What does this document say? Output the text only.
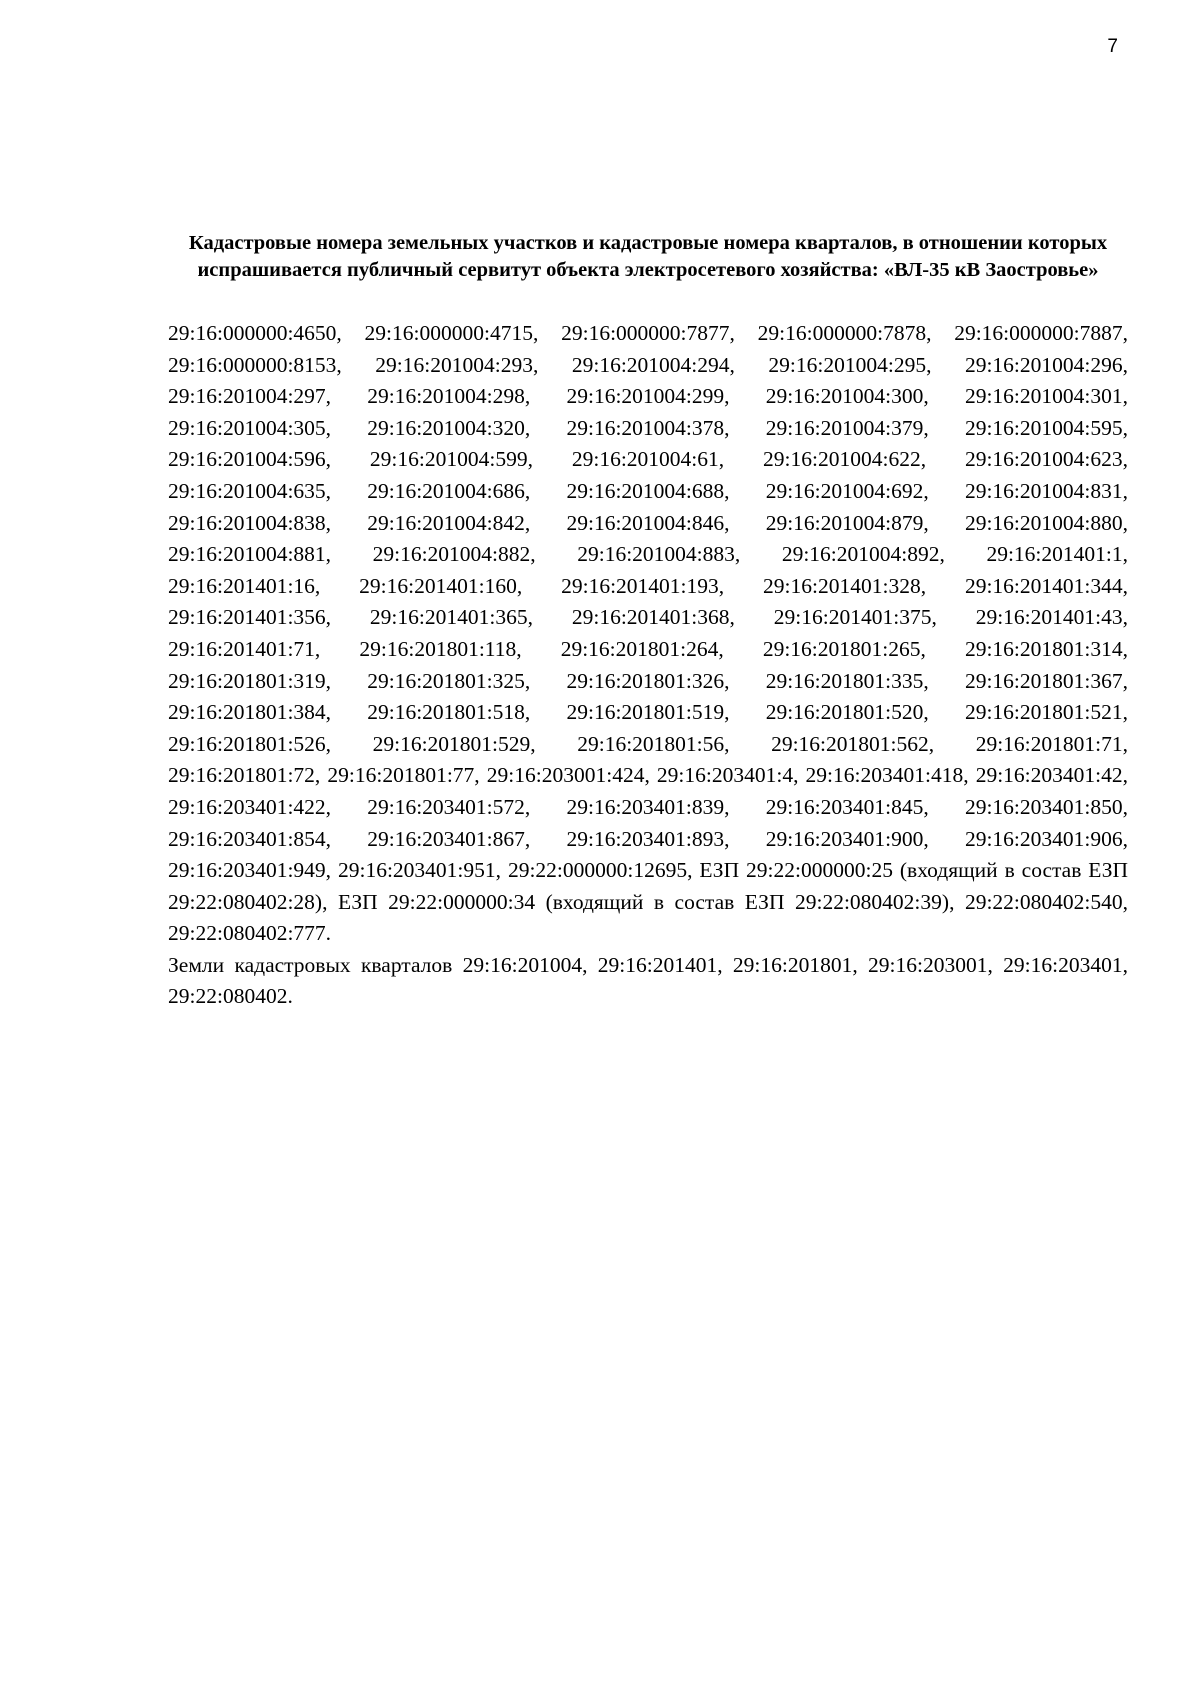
7
Кадастровые номера земельных участков и кадастровые номера кварталов, в отношении которых испрашивается публичный сервитут объекта электросетевого хозяйства: «ВЛ-35 кВ Заостровье»

29:16:000000:4650, 29:16:000000:4715, 29:16:000000:7877, 29:16:000000:7878, 29:16:000000:7887, 29:16:000000:8153, 29:16:201004:293, 29:16:201004:294, 29:16:201004:295, 29:16:201004:296, 29:16:201004:297, 29:16:201004:298, 29:16:201004:299, 29:16:201004:300, 29:16:201004:301, 29:16:201004:305, 29:16:201004:320, 29:16:201004:378, 29:16:201004:379, 29:16:201004:595, 29:16:201004:596, 29:16:201004:599, 29:16:201004:61, 29:16:201004:622, 29:16:201004:623, 29:16:201004:635, 29:16:201004:686, 29:16:201004:688, 29:16:201004:692, 29:16:201004:831, 29:16:201004:838, 29:16:201004:842, 29:16:201004:846, 29:16:201004:879, 29:16:201004:880, 29:16:201004:881, 29:16:201004:882, 29:16:201004:883, 29:16:201004:892, 29:16:201401:1, 29:16:201401:16, 29:16:201401:160, 29:16:201401:193, 29:16:201401:328, 29:16:201401:344, 29:16:201401:356, 29:16:201401:365, 29:16:201401:368, 29:16:201401:375, 29:16:201401:43, 29:16:201401:71, 29:16:201801:118, 29:16:201801:264, 29:16:201801:265, 29:16:201801:314, 29:16:201801:319, 29:16:201801:325, 29:16:201801:326, 29:16:201801:335, 29:16:201801:367, 29:16:201801:384, 29:16:201801:518, 29:16:201801:519, 29:16:201801:520, 29:16:201801:521, 29:16:201801:526, 29:16:201801:529, 29:16:201801:56, 29:16:201801:562, 29:16:201801:71, 29:16:201801:72, 29:16:201801:77, 29:16:203001:424, 29:16:203401:4, 29:16:203401:418, 29:16:203401:42, 29:16:203401:422, 29:16:203401:572, 29:16:203401:839, 29:16:203401:845, 29:16:203401:850, 29:16:203401:854, 29:16:203401:867, 29:16:203401:893, 29:16:203401:900, 29:16:203401:906, 29:16:203401:949, 29:16:203401:951, 29:22:000000:12695, ЕЗП 29:22:000000:25 (входящий в состав ЕЗП 29:22:080402:28), ЕЗП 29:22:000000:34 (входящий в состав ЕЗП 29:22:080402:39), 29:22:080402:540, 29:22:080402:777.

Земли кадастровых кварталов 29:16:201004, 29:16:201401, 29:16:201801, 29:16:203001, 29:16:203401, 29:22:080402.
